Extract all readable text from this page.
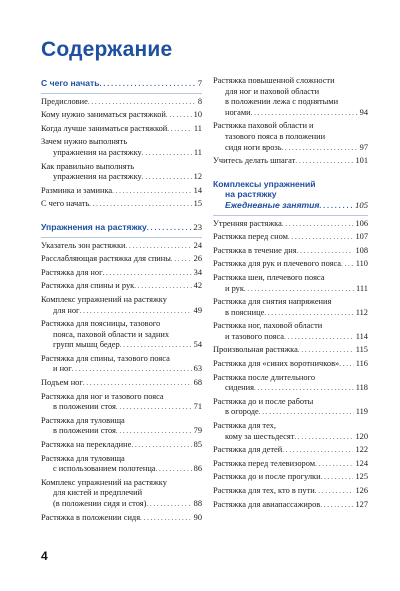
Содержание
С чего начать . . .	7
Предисловие . . .	8
Кому нужно заниматься растяжкой . . .	10
Когда лучше заниматься растяжкой . . .	11
Зачем нужно выполнять
упражнения на растяжку . . .	11
Как правильно выполнять
упражнения на растяжку . . .	12
Разминка и заминка . . .	14
С чего начать . . .	15
Упражнения на растяжку . . .	23
Указатель зон растяжки . . .	24
Расслабляющая растяжка для спины . . .	26
Растяжка для ног . . .	34
Растяжка для спины и рук . . .	42
Комплекс упражнений на растяжку
для ног . . .	49
Растяжка для поясницы, тазового
пояса, паховой области и задних
групп мышц бедер . . .	54
Растяжка для спины, тазового пояса
и ног . . .	63
Подъем ног . . .	68
Растяжка для ног и тазового пояса
в положении стоя . . .	71
Растяжка для туловища
в положении стоя . . .	79
Растяжка на перекладине . . .	85
Растяжка для туловища
с использованием полотенца . . .	86
Комплекс упражнений на растяжку
для кистей и предплечий
(в положении сидя и стоя) . . .	88
Растяжка в положении сидя . . .	90
Растяжка повышенной сложности
для ног и паховой области
в положении лежа с поднятыми
ногами . . .	94
Растяжка паховой области и
тазового пояса в положении
сидя ноги врозь . . .	97
Учитесь делать шпагат . . .	101
Комплексы упражнений
на растяжку
Ежедневные занятия . . .	105
Утренняя растяжка . . .	106
Растяжка перед сном . . .	107
Растяжка в течение дня . . .	108
Растяжка для рук и плечевого пояса . . . 110
Растяжка шеи, плечевого пояса
и рук . . .	111
Растяжка для снятия напряжения
в пояснице . . .	112
Растяжка ног, паховой области
и тазового пояса . . .	114
Произвольная растяжка . . .	115
Растяжка для «синих воротничков» . . . 116
Растяжка после длительного
сидения . . .	118
Растяжка до и после работы
в огороде . . .	119
Растяжка для тех,
кому за шестьдесят . . .	120
Растяжка для детей . . .	122
Растяжка перед телевизором . . .	124
Растяжка до и после прогулки . . .	125
Растяжка для тех, кто в пути . . .	126
Растяжка для авиапассажиров . . .	127
4
